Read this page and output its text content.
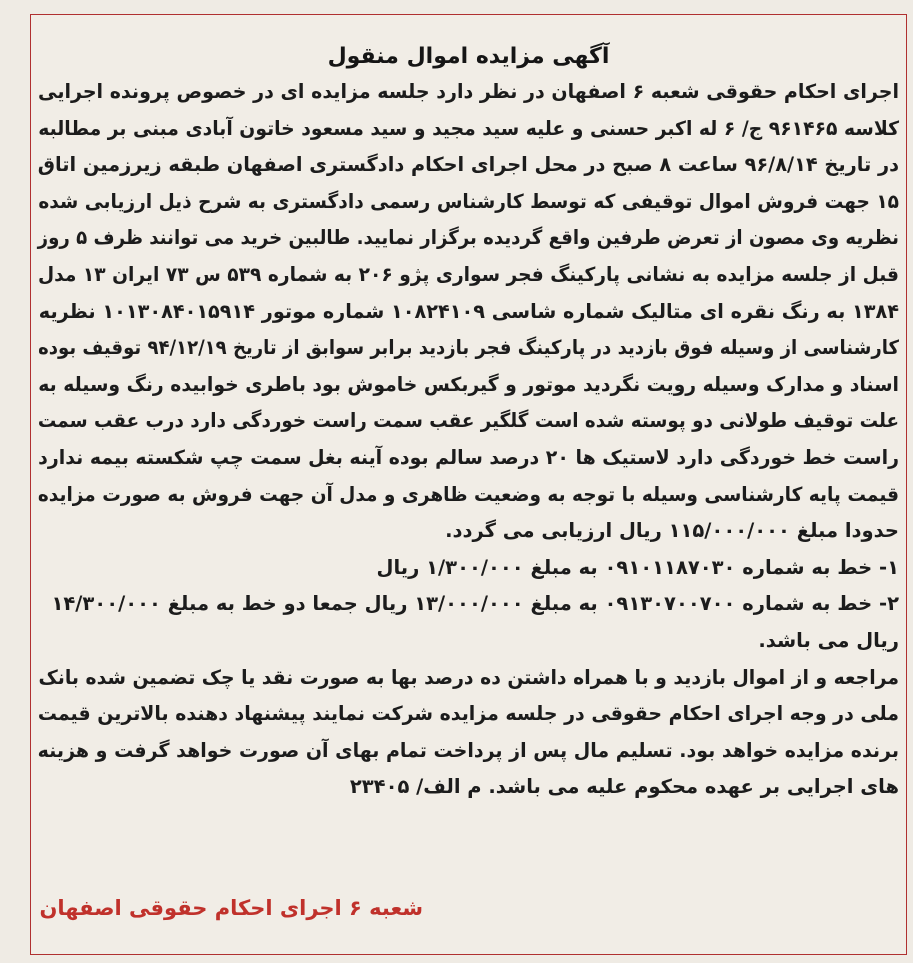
آگهی مزایده اموال منقول
اجرای احکام حقوقی شعبه ۶ اصفهان در نظر دارد جلسه مزایده ای در خصوص پرونده اجرایی
کلاسه ۹۶۱۴۶۵ ج/ ۶ له اکبر حسنی و علیه سید مجید و سید مسعود خاتون آبادی مبنی بر مطالبه
در تاریخ ۹۶/۸/۱۴ ساعت ۸ صبح در محل اجرای احکام دادگستری اصفهان طبقه زیرزمین اتاق
۱۵ جهت فروش اموال توقیفی که توسط کارشناس رسمی دادگستری به شرح ذیل ارزیابی شده
نظریه وی مصون از تعرض طرفین واقع گردیده برگزار نمایید. طالبین خرید می توانند ظرف ۵ روز
قبل از جلسه مزایده به نشانی پارکینگ فجر سواری پژو ۲۰۶ به شماره ۵۳۹ س ۷۳ ایران ۱۳ مدل
۱۳۸۴ به رنگ نقره ای متالیک شماره شاسی ۱۰۸۲۴۱۰۹ شماره موتور ۱۰۱۳۰۸۴۰۱۵۹۱۴ نظریه
کارشناسی از وسیله فوق بازدید در پارکینگ فجر بازدید برابر سوابق از تاریخ ۹۴/۱۲/۱۹ توقیف بوده
اسناد و مدارک وسیله رویت نگردید موتور و گیربکس خاموش بود باطری خوابیده رنگ وسیله به
علت توقیف طولانی دو پوسته شده است گلگیر عقب سمت راست خوردگی دارد درب عقب سمت
راست خط خوردگی دارد لاستیک ها ۲۰ درصد سالم بوده آینه بغل سمت چپ شکسته بیمه ندارد
قیمت پایه کارشناسی وسیله با توجه به وضعیت ظاهری و مدل آن جهت فروش به صورت مزایده
حدودا مبلغ ۱۱۵/۰۰۰/۰۰۰ ریال ارزیابی می گردد.
۱- خط به شماره ۰۹۱۰۱۱۸۷۰۳۰ به مبلغ ۱/۳۰۰/۰۰۰ ریال
۲- خط به شماره ۰۹۱۳۰۷۰۰۷۰۰ به مبلغ ۱۳/۰۰۰/۰۰۰ ریال جمعا دو خط به مبلغ ۱۴/۳۰۰/۰۰۰
ریال می باشد.
مراجعه و از اموال بازدید و با همراه داشتن ده درصد بها به صورت نقد یا چک تضمین شده بانک
ملی در وجه اجرای احکام حقوقی در جلسه مزایده شرکت نمایند پیشنهاد دهنده بالاترین قیمت
برنده مزایده خواهد بود. تسلیم مال پس از پرداخت تمام بهای آن صورت خواهد گرفت و هزینه
های اجرایی بر عهده محکوم علیه می باشد. م الف/ ۲۳۴۰۵
شعبه ۶ اجرای احکام حقوقی اصفهان
